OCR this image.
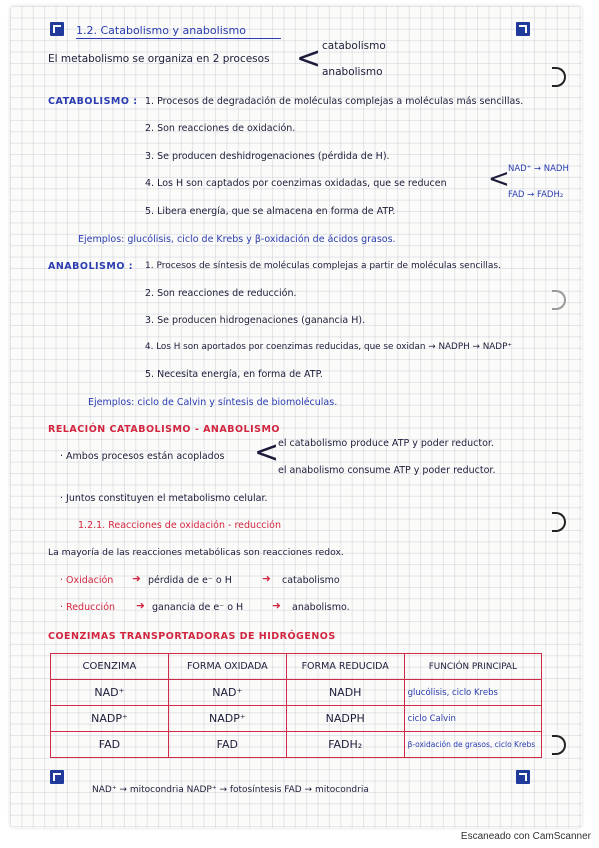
1.2. Catabolismo y anabolismo
El metabolismo se organiza en 2 procesos < catabolismo
anabolismo
CATABOLISMO : 1. Procesos de degradación de moléculas complejas a moléculas más sencillas.
2. Son reacciones de oxidación.
3. Se producen deshidrogenaciones (pérdida de H).
4. Los H son captados por coenzimas oxidadas, que se reducen <
NAD⁺ → NADH
FAD → FADH₂
5. Libera energía, que se almacena en forma de ATP.
Ejemplos: glucólisis, ciclo de Krebs y β-oxidación de ácidos grasos.
ANABOLISMO : 1. Procesos de síntesis de moléculas complejas a partir de moléculas sencillas.
2. Son reacciones de reducción.
3. Se producen hidrogenaciones (ganancia H).
4. Los H son aportados por coenzimas reducidas, que se oxidan → NADPH → NADP⁺
5. Necesita energía, en forma de ATP.
Ejemplos: ciclo de Calvin y síntesis de biomoléculas.
RELACIÓN CATABOLISMO - ANABOLISMO
· Ambos procesos están acoplados <
el catabolismo produce ATP y poder reductor.
el anabolismo consume ATP y poder reductor.
· Juntos constituyen el metabolismo celular.
1.2.1. Reacciones de oxidación - reducción
La mayoría de las reacciones metabólicas son reacciones redox.
· Oxidación ➜ pérdida de e⁻ o H	➜ catabolismo
· Reducción ➜ ganancia de e⁻ o H	➜ anabolismo.
COENZIMAS TRANSPORTADORAS DE HIDRÓGENOS
COENZIMA	FORMA OXIDADA	FORMA REDUCIDA	FUNCIÓN PRINCIPAL
NAD⁺	NAD⁺	NADH	glucólisis, ciclo Krebs
NADP⁺	NADP⁺	NADPH	ciclo Calvin
FAD	FAD	FADH₂	β-oxidación de grasos, ciclo Krebs
NAD⁺ → mitocondria NADP⁺ → fotosíntesis FAD → mitocondria
Escaneado con CamScanner
